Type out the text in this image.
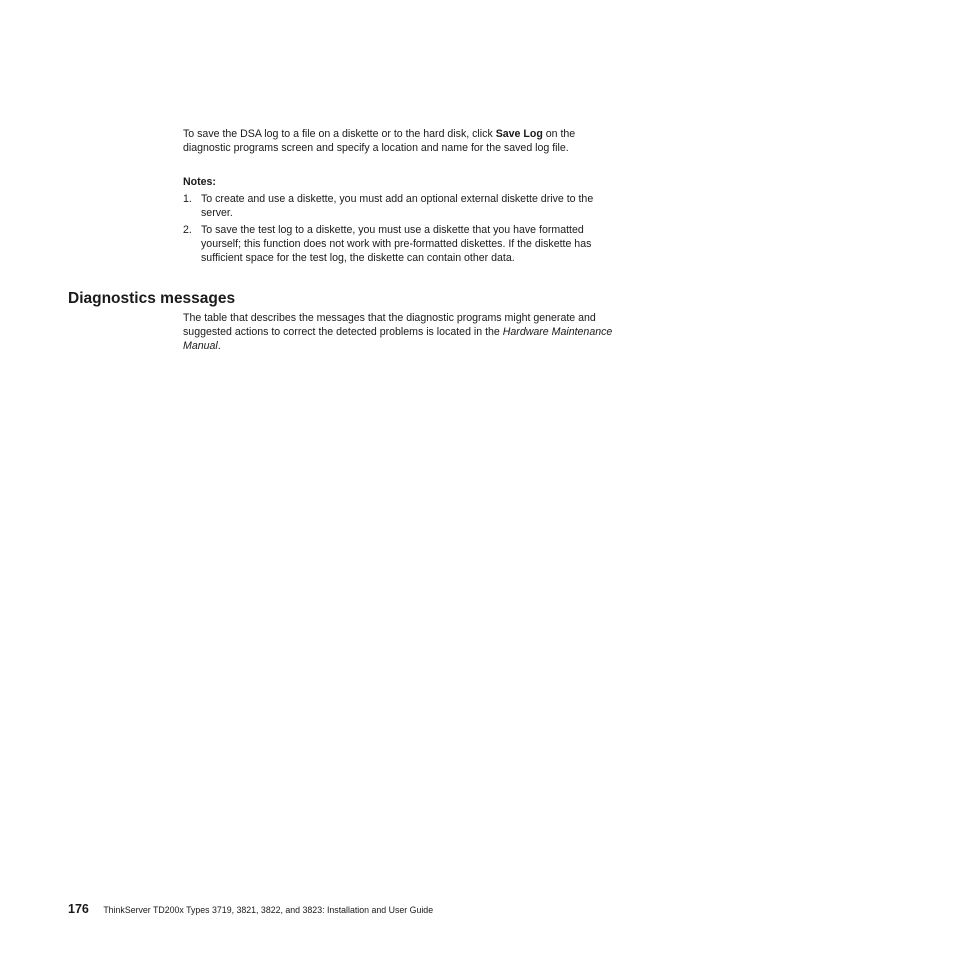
To save the DSA log to a file on a diskette or to the hard disk, click Save Log on the diagnostic programs screen and specify a location and name for the saved log file.

Notes:

1. To create and use a diskette, you must add an optional external diskette drive to the server.
2. To save the test log to a diskette, you must use a diskette that you have formatted yourself; this function does not work with pre-formatted diskettes. If the diskette has sufficient space for the test log, the diskette can contain other data.
Diagnostics messages

The table that describes the messages that the diagnostic programs might generate and suggested actions to correct the detected problems is located in the Hardware Maintenance Manual.

176 ThinkServer TD200x Types 3719, 3821, 3822, and 3823: Installation and User Guide
